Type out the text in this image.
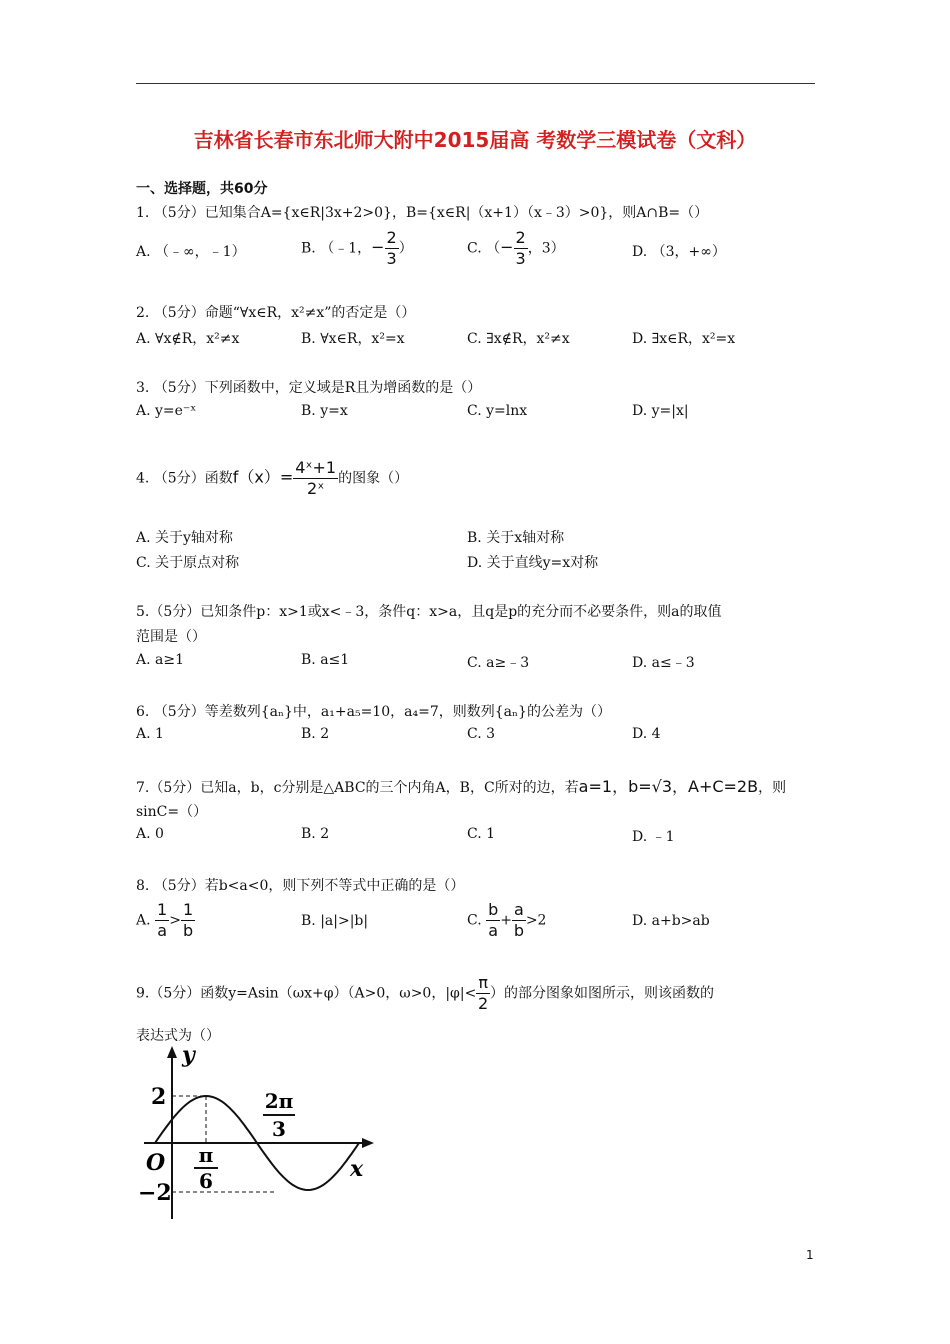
吉林省长春市东北师大附中2015届高 考数学三模试卷（文科）
一、选择题，共60分
1. （5分）已知集合A={x∈R|3x+2>0}，B={x∈R|（x+1）（x﹣3）>0}，则A∩B=（）
A. （﹣∞，﹣1）	B. （﹣1，− $\frac{2}{3}$ ）	C. （− $\frac{2}{3}$ ，3）	D. （3，+∞）
2. （5分）命题“∀x∈R，x²≠x”的否定是（）
A. ∀x∉R，x²≠x	B. ∀x∈R，x²=x	C. ∃x∉R，x²≠x	D. ∃x∈R，x²=x
3. （5分）下列函数中，定义域是R且为增函数的是（）
A. y=e⁻ˣ	B. y=x	C. y=lnx	D. y=|x|
4. （5分）函数$f(x)= \frac{\text{4ˣ+1}}{\text{2ˣ}}$ 的图象（）
A. 关于y轴对称	B. 关于x轴对称
C. 关于原点对称	D. 关于直线y=x对称
5.（5分）已知条件p：x>1或x<﹣3，条件q：x>a，且q是p的充分而不必要条件，则a的取值
范围是（）
A. a≥1	B. a≤1	C. a≥﹣3	D. a≤﹣3
6. （5分）等差数列{aₙ}中，a₁+a₅=10，a₄=7，则数列{aₙ}的公差为（）
A. 1	B. 2	C. 3	D. 4
7.（5分）已知a，b，c分别是△ABC的三个内角A，B，C所对的边，若a=1，b=√3，A+C=2B，则
sinC=（）
A. 0	B. 2	C. 1	D. ﹣1
8. （5分）若b<a<0，则下列不等式中正确的是（）
A. $\frac{1}{a} > \frac{1}{b}$	B. |a|>|b|	C. $\frac{b}{a} + \frac{a}{b} >2$	D. a+b>ab
9.（5分）函数y=Asin（ωx+φ）（A>0，ω>0，$|\varphi|< \frac{\pi}{2}$ ）的部分图象如图所示，则该函数的
表达式为（）
y
x
O
2
−2
π
6
2π
3
1
